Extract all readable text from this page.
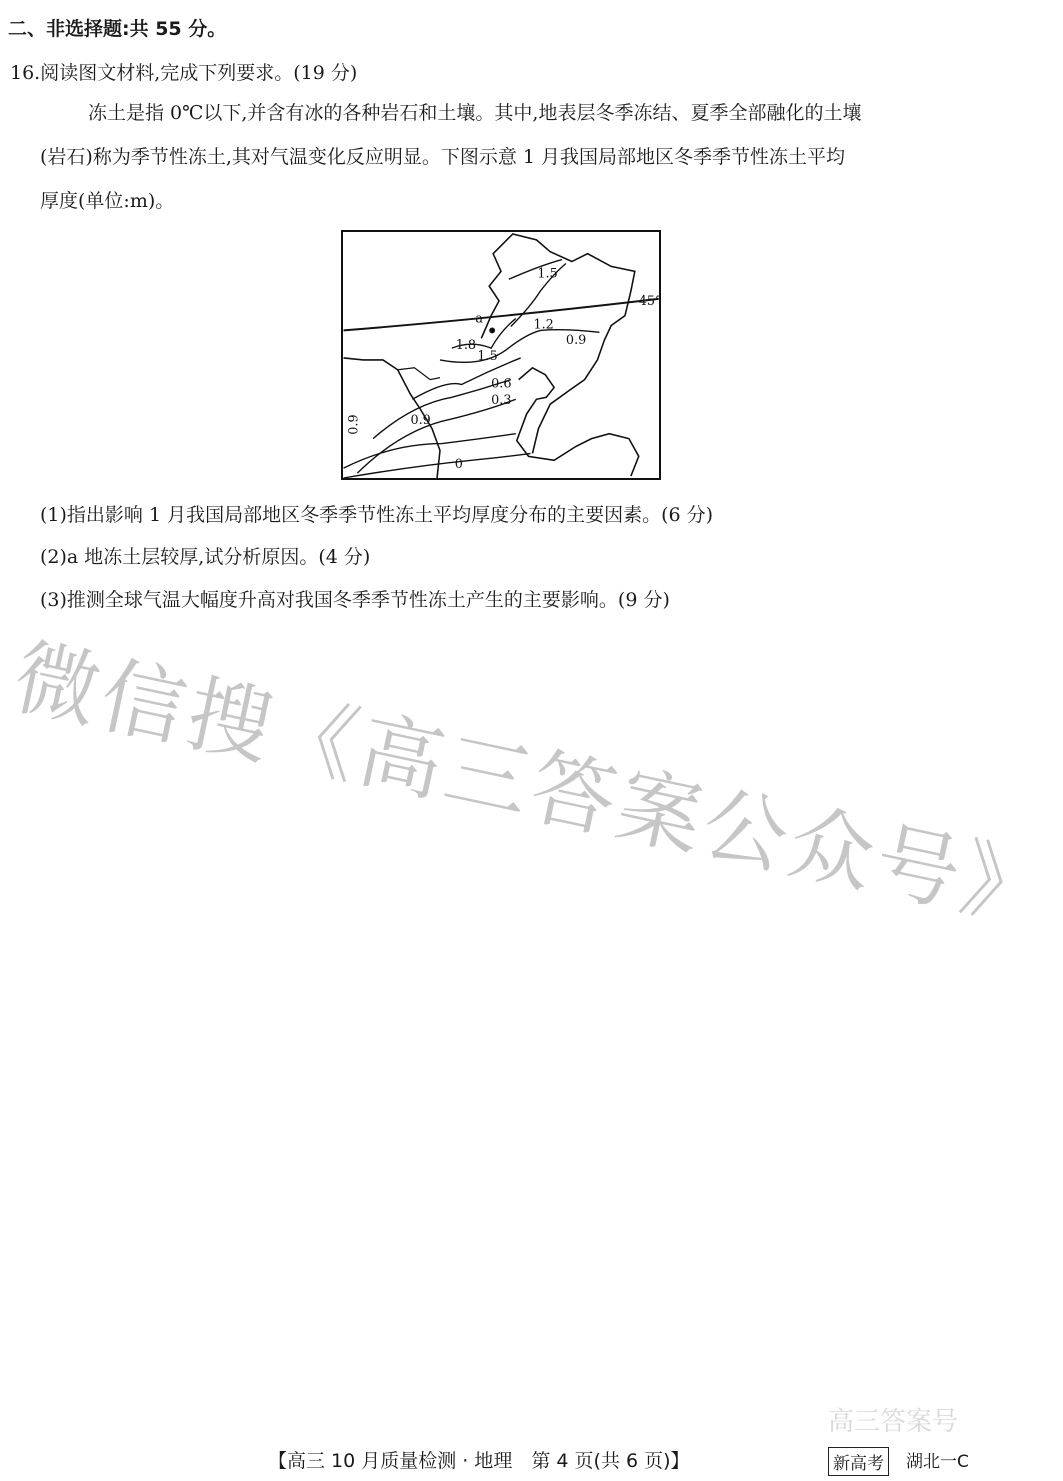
二、非选择题:共 55 分。
16.阅读图文材料,完成下列要求。(19 分)
冻土是指 0℃以下,并含有冰的各种岩石和土壤。其中,地表层冬季冻结、夏季全部融化的土壤
(岩石)称为季节性冻土,其对气温变化反应明显。下图示意 1 月我国局部地区冬季季节性冻土平均
厚度(单位:m)。
1.5
45°
a	1.2
1.8
1.5
0.9
0.6
0.3
0.9
0.9
0
(1)指出影响 1 月我国局部地区冬季季节性冻土平均厚度分布的主要因素。(6 分)
(2)a 地冻土层较厚,试分析原因。(4 分)
(3)推测全球气温大幅度升高对我国冬季季节性冻土产生的主要影响。(9 分)
微信搜《高三答案公众号》
高三答案号
【高三 10 月质量检测 · 地理　第 4 页(共 6 页)】	新高考 湖北一C
